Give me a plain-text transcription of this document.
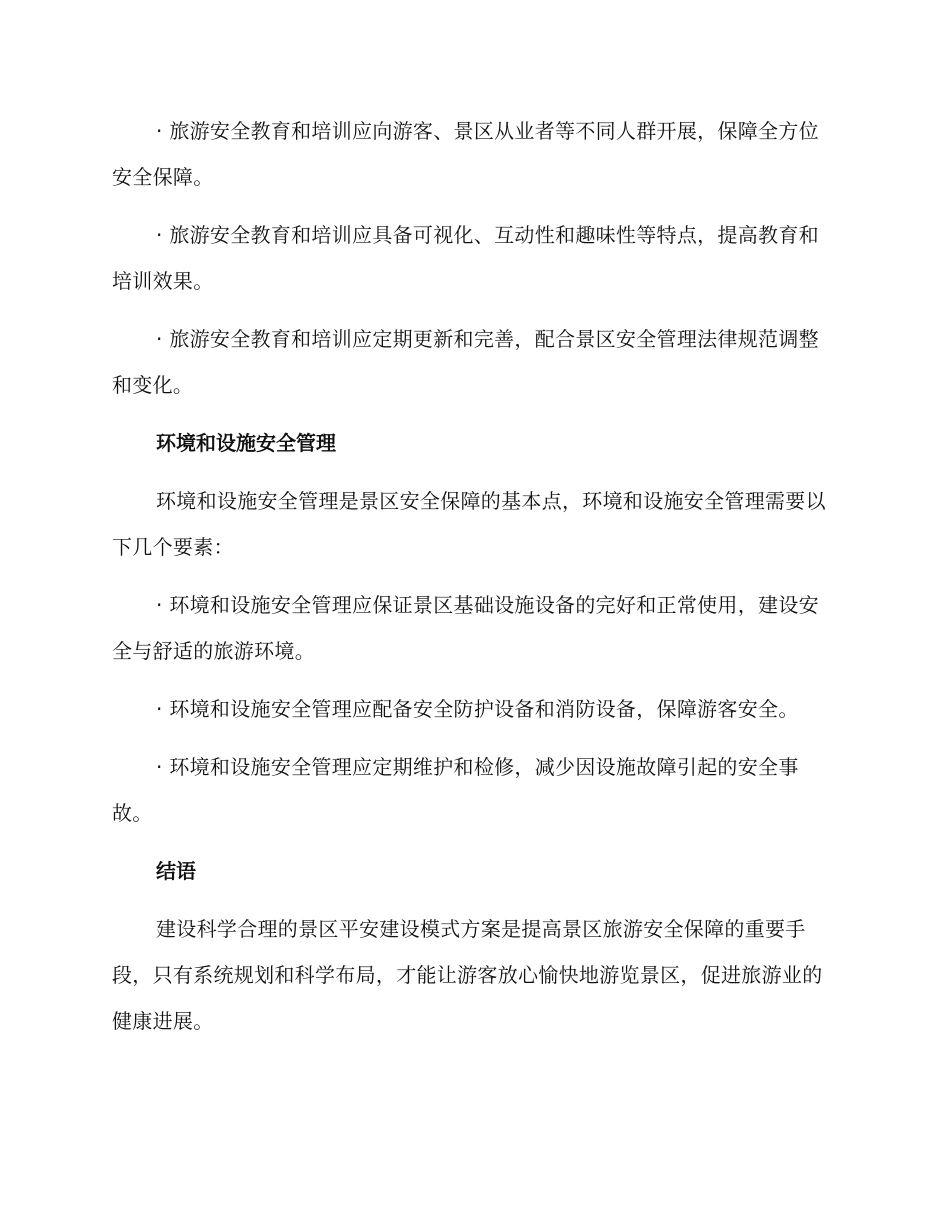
· 旅游安全教育和培训应向游客、景区从业者等不同人群开展，保障全方位安全保障。

· 旅游安全教育和培训应具备可视化、互动性和趣味性等特点，提高教育和培训效果。

· 旅游安全教育和培训应定期更新和完善，配合景区安全管理法律规范调整和变化。

环境和设施安全管理

环境和设施安全管理是景区安全保障的基本点，环境和设施安全管理需要以下几个要素：

· 环境和设施安全管理应保证景区基础设施设备的完好和正常使用，建设安全与舒适的旅游环境。

· 环境和设施安全管理应配备安全防护设备和消防设备，保障游客安全。

· 环境和设施安全管理应定期维护和检修，减少因设施故障引起的安全事故。

结语

建设科学合理的景区平安建设模式方案是提高景区旅游安全保障的重要手段，只有系统规划和科学布局，才能让游客放心愉快地游览景区，促进旅游业的健康进展。
